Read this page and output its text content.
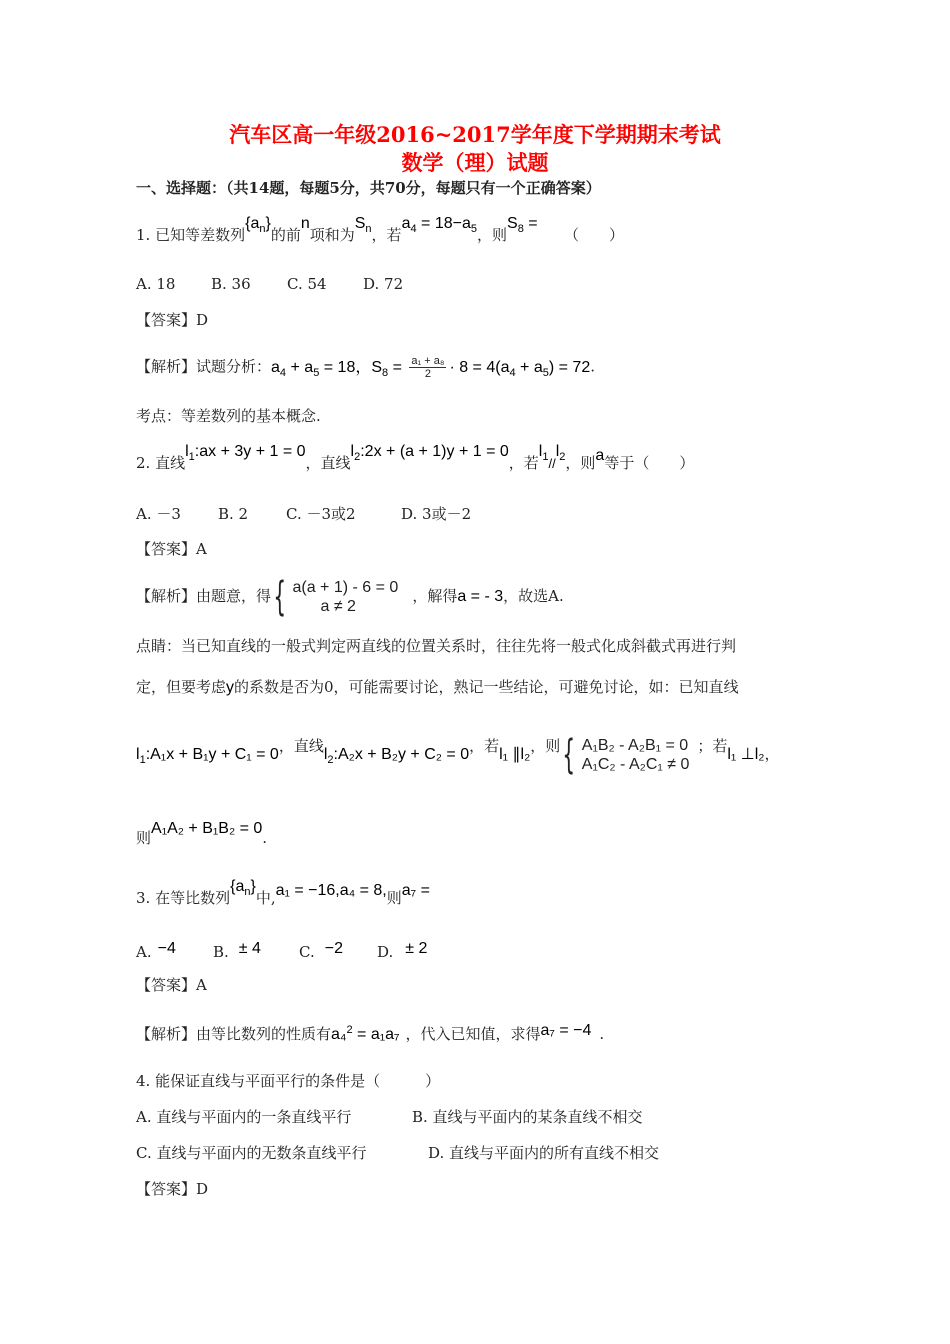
汽车区高一年级2016~2017学年度下学期期末考试
数学（理）试题
一、选择题：（共14题，每题5分，共70分，每题只有一个正确答案）
1. 已知等差数列$\{a_n\}$的前n项和为$S_n$，若$a_4 = 18-a_5$，则$S_8$ = （　　）
A. 18 B. 36 C. 54 D. 72
【答案】D
【解析】试题分析：$a_4 + a_5 = 18$，$S_8 = \frac{\text{a₁ + a₈}}{2} \cdot 8 = 4(a_4 + a_5) = 72$.
考点：等差数列的基本概念.
2. 直线$l_1:ax + 3y + 1 = 0$，直线$l_2:2x + (a + 1)y + 1 = 0$，若$l_1//l_2$，则a等于（　　）
A. －3 B. 2	C. －3或2	D. 3或－2
【答案】A
【解析】由题意，得{ a(a + 1) - 6 = 0
a ≠ 2
，解得a = - 3，故选A.
点睛：当已知直线的一般式判定两直线的位置关系时，往往先将一般式化成斜截式再进行判
定，但要考虑y的系数是否为0，可能需要讨论，熟记一些结论，可避免讨论，如：已知直线
$l_1:A_1x + B_1y + C_1 = 0$，直线$l_2:A_2x + B_2y + C_2 = 0$，若l₁ ∥l₂，则{ A₁B₂ - A₂B₁ = 0
A₁C₂ - A₂C₁ ≠ 0
；若l₁ ⊥l₂，
则A₁A₂ + B₁B₂ = 0.
3. 在等比数列$\{a_n\}$中,a₁ = −16,a₄ = 8,则a₇ =
A. −4 B. ± 4	C. −2 D. ± 2
【答案】A
【解析】由等比数列的性质有a₄$^2$ = a₁a₇ ，代入已知值，求得a₇ = −4 .
4. 能保证直线与平面平行的条件是（　　　）
A. 直线与平面内的一条直线平行	B. 直线与平面内的某条直线不相交
C. 直线与平面内的无数条直线平行	D. 直线与平面内的所有直线不相交
【答案】D
